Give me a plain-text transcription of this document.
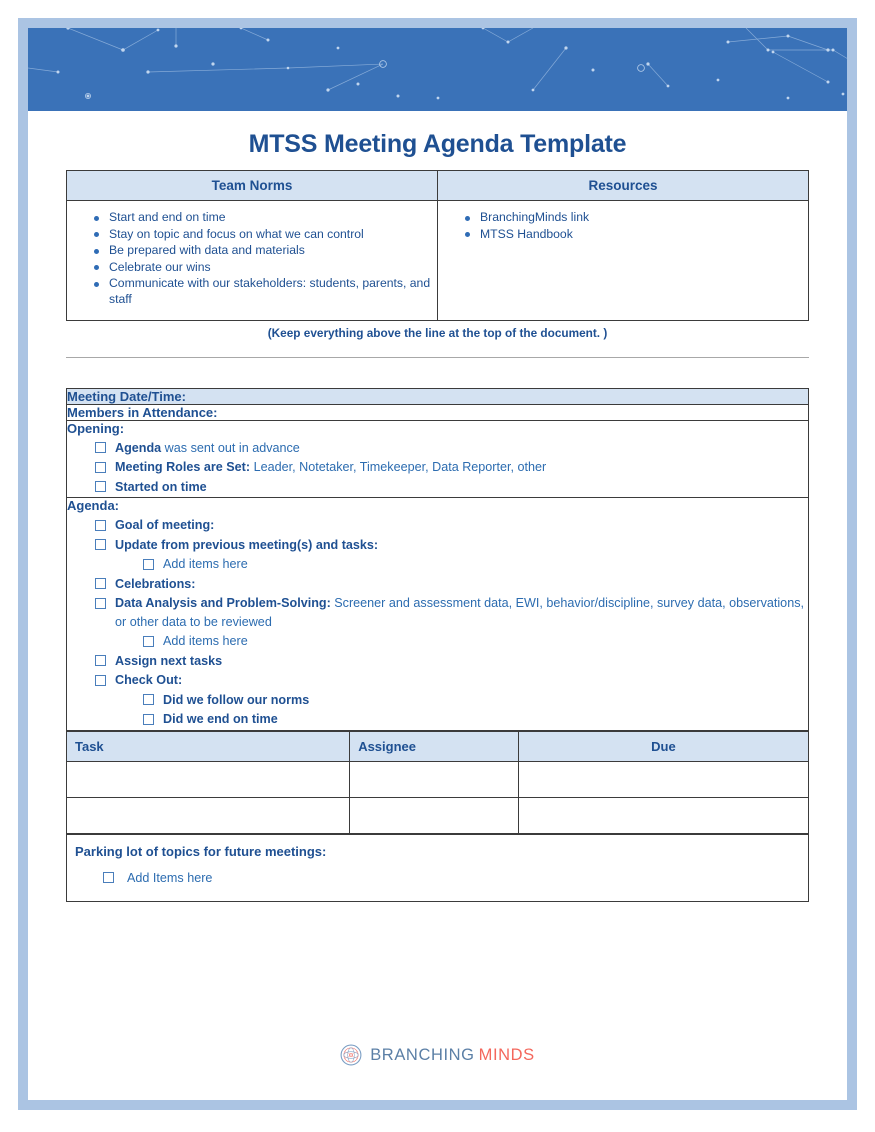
MTSS Meeting Agenda Template
Team Norms	Resources

Start and end on time
Stay on topic and focus on what we can control
Be prepared with data and materials
Celebrate our wins
Communicate with our stakeholders: students, parents, and staff

BranchingMinds link
MTSS Handbook

(Keep everything above the line at the top of the document. )

Meeting Date/Time:
Members in Attendance:

Opening:
Agenda was sent out in advance
Meeting Roles are Set: Leader, Notetaker, Timekeeper, Data Reporter, other
Started on time

Agenda:
Goal of meeting:
Update from previous meeting(s) and tasks:
Add items here
Celebrations:
Data Analysis and Problem-Solving: Screener and assessment data, EWI, behavior/discipline, survey data, observations, or other data to be reviewed
Add items here
Assign next tasks
Check Out:
Did we follow our norms
Did we end on time
Task	Assignee	Due

Parking lot of topics for future meetings:
Add Items here
BRANCHING MINDS
